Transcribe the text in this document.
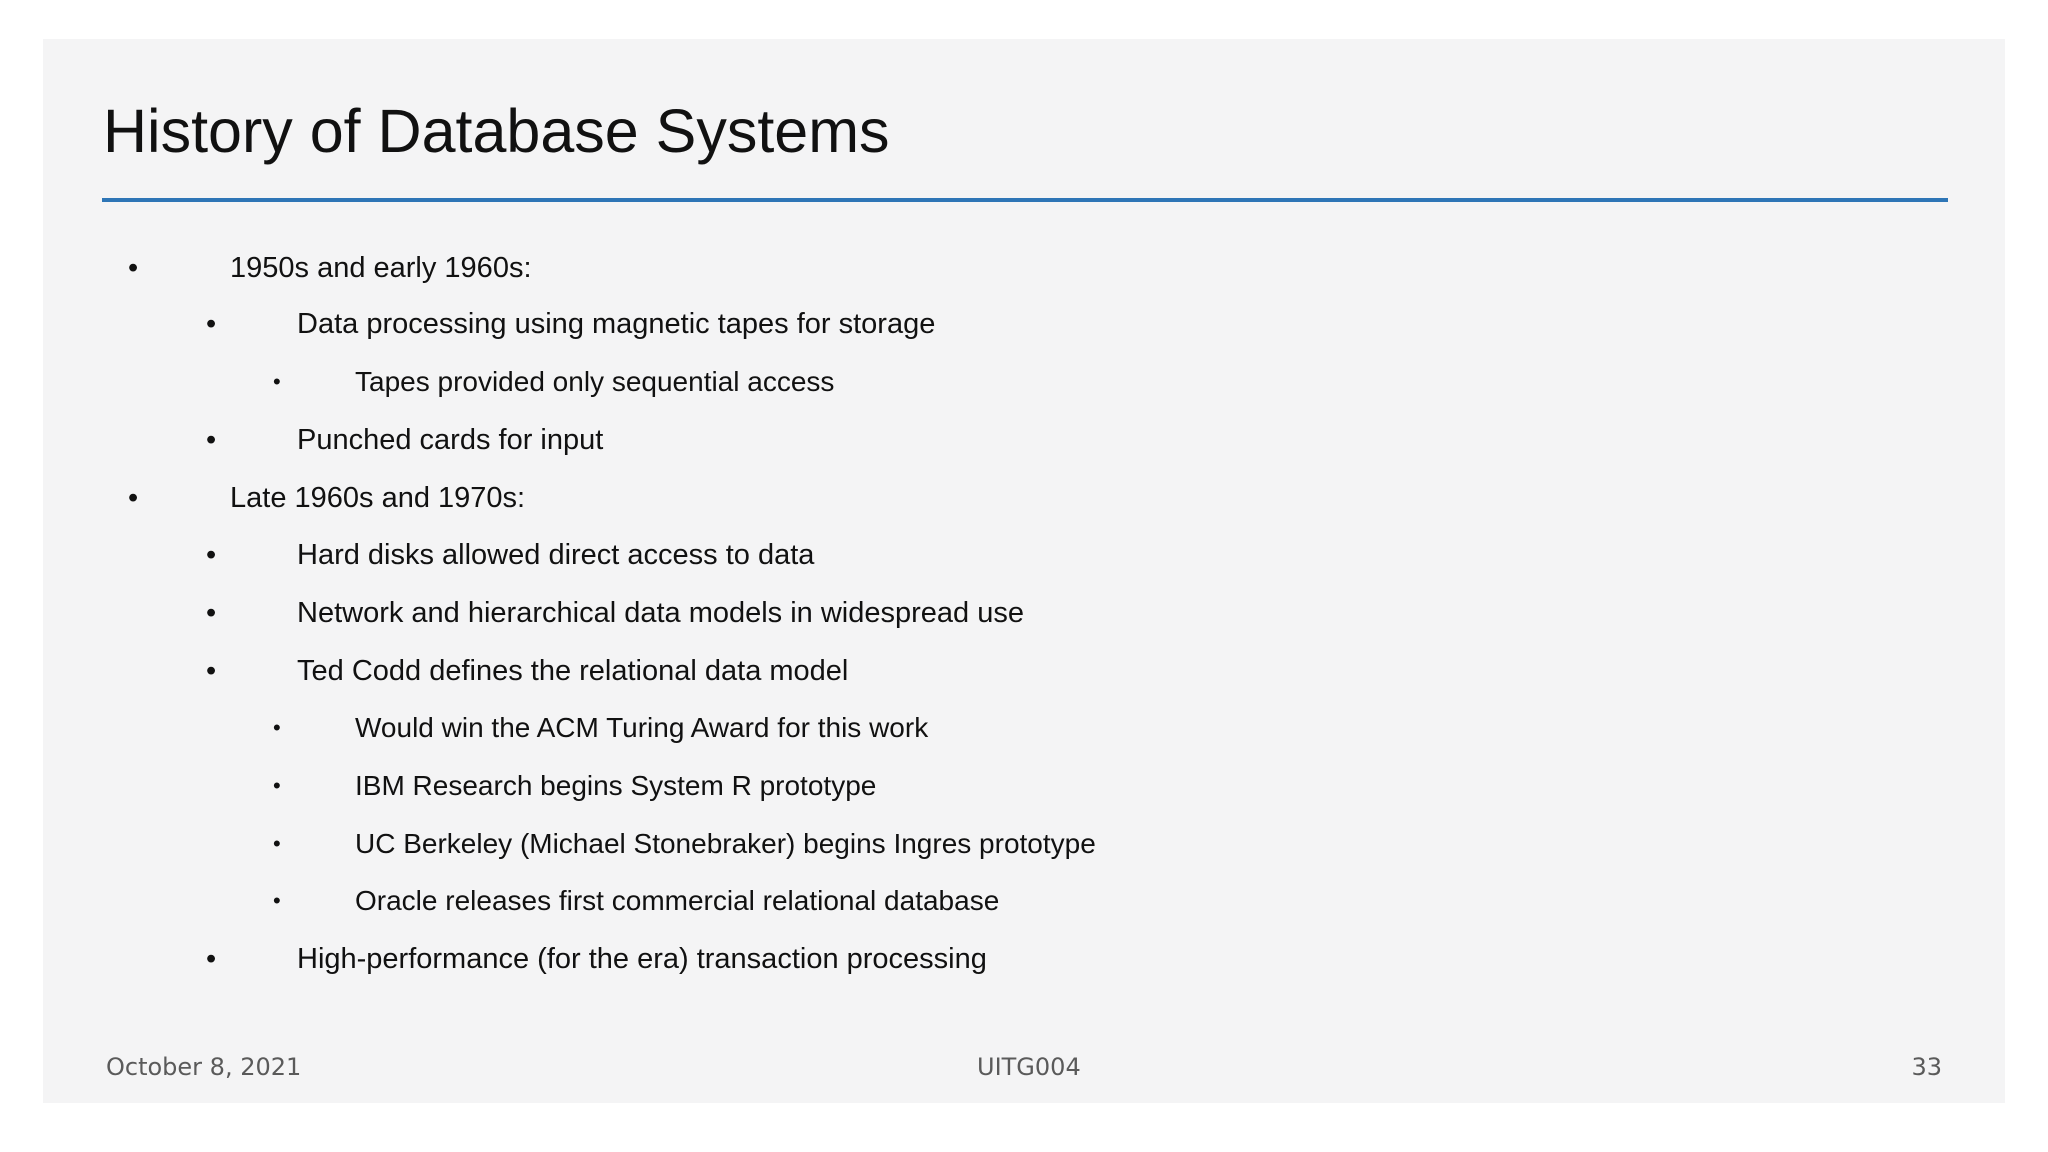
History of Database Systems
•	1950s and early 1960s:
•	Data processing using magnetic tapes for storage
•	Tapes provided only sequential access
•	Punched cards for input
•	Late 1960s and 1970s:
•	Hard disks allowed direct access to data
•	Network and hierarchical data models in widespread use
•	Ted Codd defines the relational data model
•	Would win the ACM Turing Award for this work
•	IBM Research begins System R prototype
•	UC Berkeley (Michael Stonebraker) begins Ingres prototype
•	Oracle releases first commercial relational database
•	High-performance (for the era) transaction processing
October 8, 2021	UITG004	33
